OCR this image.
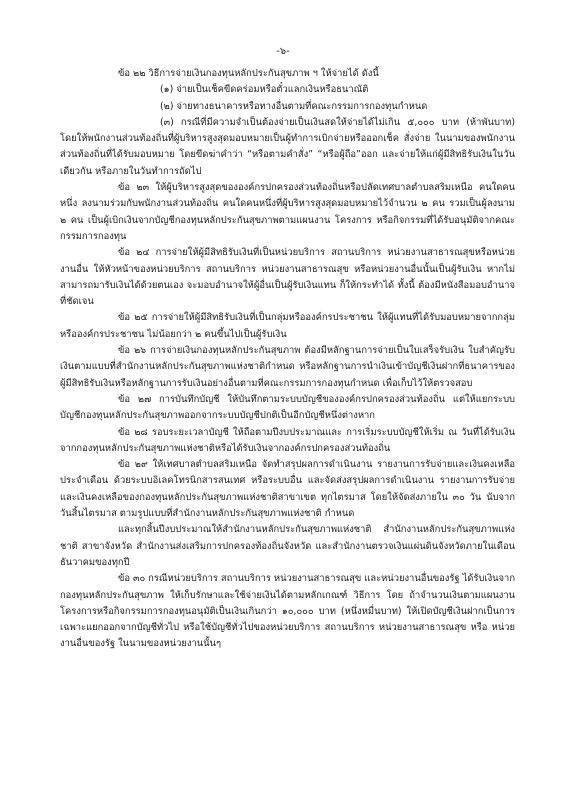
-๖-

ข้อ ๒๒ วิธีการจ่ายเงินกองทุนหลักประกันสุขภาพ ฯ ให้จ่ายได้ ดังนี้

(๑) จ่ายเป็นเช็คขีดคร่อมหรือตั๋วแลกเงินหรือธนาณัติ

(๒) จ่ายทางธนาคารหรือทางอื่นตามที่คณะกรรมการกองทุนกำหนด

(๓) กรณีที่มีความจำเป็นต้องจ่ายเป็นเงินสดให้จ่ายได้ไม่เกิน ๕,๐๐๐ บาท (ห้าพันบาท) โดยให้พนักงานส่วนท้องถิ่นที่ผู้บริหารสูงสุดมอบหมายเป็นผู้ทำการเบิกจ่ายหรือออกเช็ค สั่งจ่าย ในนามของพนักงานส่วนท้องถิ่นที่ได้รับมอบหมาย โดยขีดฆ่าคำว่า “หรือตามคำสั่ง” “หรือผู้ถือ”ออก และจ่ายให้แก่ผู้มีสิทธิรับเงินในวันเดียวกัน หรือภายในวันทำการถัดไป

ข้อ ๒๓ ให้ผู้บริหารสูงสุดขององค์กรปกครองส่วนท้องถิ่นหรือปลัดเทศบาลตำบลสริมเหนือ คนใดคนหนึ่ง ลงนามร่วมกับพนักงานส่วนท้องถิ่น คนใดคนหนึ่งที่ผู้บริหารสูงสุดมอบหมายไว้จำนวน ๒ คน รวมเป็นผู้ลงนาม ๒ คน เป็นผู้เบิกเงินจากบัญชีกองทุนหลักประกันสุขภาพตามแผนงาน โครงการ หรือกิจกรรมที่ได้รับอนุมัติจากคณะกรรมการกองทุน

ข้อ ๒๔ การจ่ายให้ผู้มีสิทธิรับเงินที่เป็นหน่วยบริการ สถานบริการ หน่วยงานสาธารณสุขหรือหน่วยงานอื่น ให้หัวหน้าของหน่วยบริการ สถานบริการ หน่วยงานสาธารณสุข หรือหน่วยงานอื่นนั้นเป็นผู้รับเงิน หากไม่สามารถมารับเงินได้ด้วยตนเอง จะมอบอำนาจให้ผู้อื่นเป็นผู้รับเงินแทน ก็ให้กระทำได้ ทั้งนี้ ต้องมีหนังสือมอบอำนาจที่ชัดเจน

ข้อ ๒๕ การจ่ายให้ผู้มีสิทธิรับเงินที่เป็นกลุ่มหรือองค์กรประชาชน ให้ผู้แทนที่ได้รับมอบหมายจากกลุ่มหรือองค์กรประชาชน ไม่น้อยกว่า ๒ คนขึ้นไปเป็นผู้รับเงิน

ข้อ ๒๖ การจ่ายเงินกองทุนหลักประกันสุขภาพ ต้องมีหลักฐานการจ่ายเป็นใบเสร็จรับเงิน ใบสำคัญรับเงินตามแบบที่สำนักงานหลักประกันสุขภาพแห่งชาติกำหนด หรือหลักฐานการนำเงินเข้าบัญชีเงินฝากที่ธนาคารของผู้มีสิทธิรับเงินหรือหลักฐานการรับเงินอย่างอื่นตามที่คณะกรรมการกองทุนกำหนด เพื่อเก็บไว้ให้ตรวจสอบ

ข้อ ๒๗ การบันทึกบัญชี ให้บันทึกตามระบบบัญชีขององค์กรปกครองส่วนท้องถิ่น แต่ให้แยกระบบบัญชีกองทุนหลักประกันสุขภาพออกจากระบบบัญชีปกติเป็นอีกบัญชีหนึ่งต่างหาก

ข้อ ๒๘ รอบระยะเวลาบัญชี ให้ถือตามปีงบประมาณและ การเริ่มระบบบัญชีให้เริ่ม ณ วันที่ได้รับเงินจากกองทุนหลักประกันสุขภาพแห่งชาติหรือได้รับเงินจากองค์กรปกครองส่วนท้องถิ่น

ข้อ ๒๙ ให้เทศบาลตำบลสริมเหนือ จัดทำสรุปผลการดำเนินงาน รายงานการรับจ่ายและเงินคงเหลือประจำเดือน ด้วยระบบอิเลคโทรนิกสารสนเทศ หรือระบบอื่น และจัดส่งสรุปผลการดำเนินงาน รายงานการรับจ่ายและเงินคงเหลือของกองทุนหลักประกันสุขภาพแห่งชาติสาขาเขต ทุกไตรมาส โดยให้จัดส่งภายใน ๓๐ วัน นับจากวันสิ้นไตรมาส ตามรูปแบบที่สำนักงานหลักประกันสุขภาพแห่งชาติ กำหนด

และทุกสิ้นปีงบประมาณให้สำนักงานหลักประกันสุขภาพแห่งชาติ สำนักงานหลักประกันสุขภาพแห่งชาติ สาขาจังหวัด สำนักงานส่งเสริมการปกครองท้องถิ่นจังหวัด และสำนักงานตรวจเงินแผ่นดินจังหวัดภายในเดือนธันวาคมของทุกปี

ข้อ ๓๐ กรณีหน่วยบริการ สถานบริการ หน่วยงานสาธารณสุข และหน่วยงานอื่นของรัฐ ได้รับเงินจากกองทุนหลักประกันสุขภาพ ให้เก็บรักษาและใช้จ่ายเงินได้ตามหลักเกณฑ์ วิธีการ โดย ถ้าจำนวนเงินตามแผนงานโครงการหรือกิจกรรมการกองทุนอนุมัติเป็นเงินเกินกว่า ๑๐,๐๐๐ บาท (หนึ่งหมื่นบาท) ให้เปิดบัญชีเงินฝากเป็นการเฉพาะแยกออกจากบัญชีทั่วไป หรือใช้บัญชีทั่วไปของหน่วยบริการ สถานบริการ หน่วยงานสาธารณสุข หรือ หน่วยงานอื่นของรัฐ ในนามของหน่วยงานนั้นๆ
